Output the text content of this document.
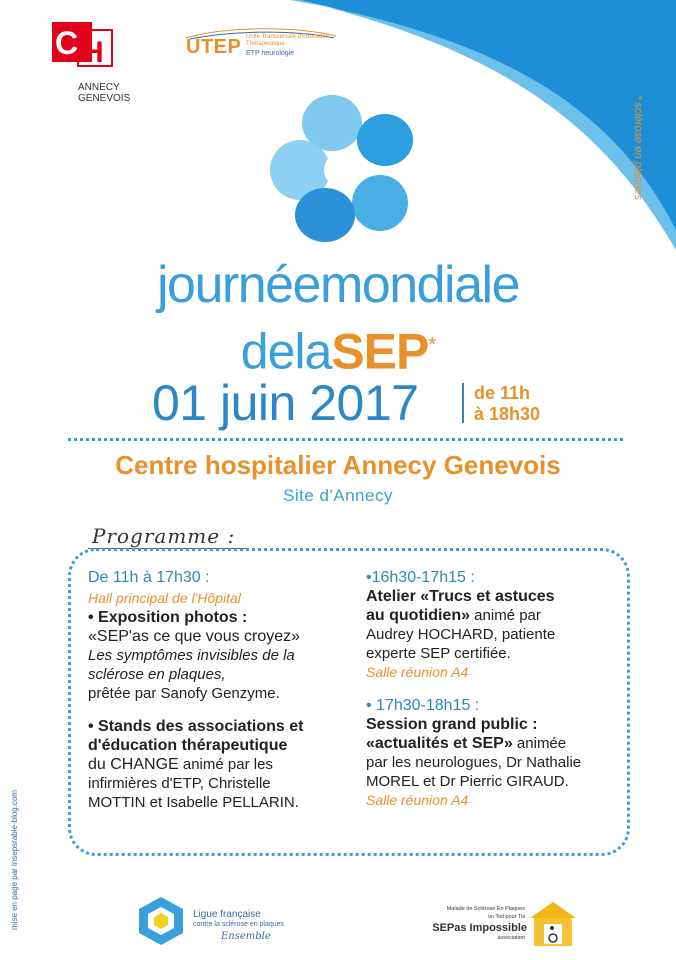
C H
ANNECY
GENEVOIS
UTEP Unité Transversale d'Education Thérapeutique
ETP neurologie
* sclérose en plaques
mise en page par insepsrable-blog.com
journéemondiale
delaSEP*
01 juin 2017	de 11h
à 18h30
Centre hospitalier Annecy Genevois
Site d'Annecy
Programme :
De 11h à 17h30 :
Hall principal de l'Hôpital
• Exposition photos :
«SEP'as ce que vous croyez»
Les symptômes invisibles de la
sclérose en plaques,
prêtée par Sanofy Genzyme.
• Stands des associations et
d'éducation thérapeutique
du CHANGE animé par les
infirmières d'ETP, Christelle
MOTTIN et Isabelle PELLARIN.
•16h30-17h15 :
Atelier «Trucs et astuces
au quotidien» animé par
Audrey HOCHARD, patiente
experte SEP certifiée.
Salle réunion A4
• 17h30-18h15 :
Session grand public :
«actualités et SEP» animée
par les neurologues, Dr Nathalie
MOREL et Dr Pierric GIRAUD.
Salle réunion A4
Ligue française
contre la sclérose en plaques
Ensemble
Malade de Sclérose En Plaques
un Toit pour Toi
SEPas Impossible
association
